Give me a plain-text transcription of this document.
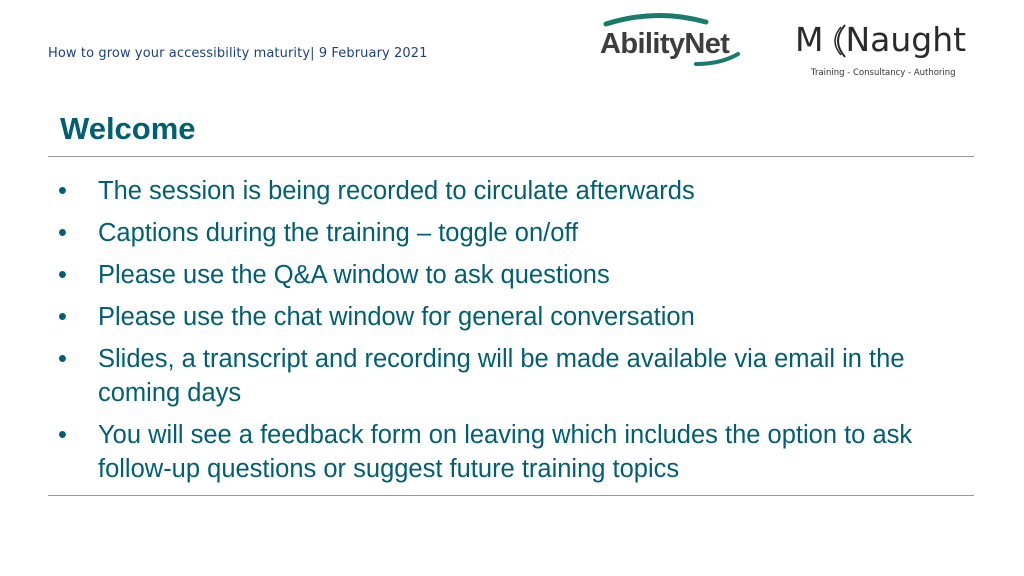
How to grow your accessibility maturity| 9 February 2021	AbilityNet M Naught
Training - Consultancy - Authoring
Welcome
• The session is being recorded to circulate afterwards
• Captions during the training – toggle on/off
• Please use the Q&A window to ask questions
• Please use the chat window for general conversation
• Slides, a transcript and recording will be made available via email in the coming days
• You will see a feedback form on leaving which includes the option to ask follow-up questions or suggest future training topics
